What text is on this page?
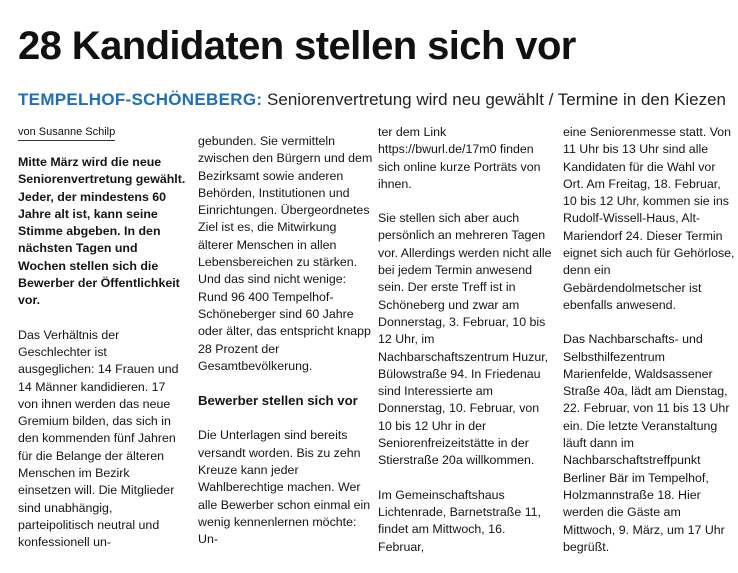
28 Kandidaten stellen sich vor
TEMPELHOF-SCHÖNEBERG: Seniorenvertretung wird neu gewählt / Termine in den Kiezen
von Susanne Schilp

Mitte März wird die neue Seniorenvertretung gewählt. Jeder, der mindestens 60 Jahre alt ist, kann seine Stimme abgeben. In den nächsten Tagen und Wochen stellen sich die Bewerber der Öffentlichkeit vor.

Das Verhältnis der Geschlechter ist ausgeglichen: 14 Frauen und 14 Männer kandidieren. 17 von ihnen werden das neue Gremium bilden, das sich in den kommenden fünf Jahren für die Belange der älteren Menschen im Bezirk einsetzen will. Die Mitglieder sind unabhängig, parteipolitisch neutral und konfessionell un-

gebunden. Sie vermitteln zwischen den Bürgern und dem Bezirksamt sowie anderen Behörden, Institutionen und Einrichtungen. Übergeordnetes Ziel ist es, die Mitwirkung älterer Menschen in allen Lebensbereichen zu stärken. Und das sind nicht wenige: Rund 96 400 Tempelhof-Schöneberger sind 60 Jahre oder älter, das entspricht knapp 28 Prozent der Gesamtbevölkerung.

Bewerber stellen sich vor

Die Unterlagen sind bereits versandt worden. Bis zu zehn Kreuze kann jeder Wahlberechtige machen. Wer alle Bewerber schon einmal ein wenig kennenlernen möchte: Un-

ter dem Link https://bwurl.de/17m0 finden sich online kurze Porträts von ihnen.

Sie stellen sich aber auch persönlich an mehreren Tagen vor. Allerdings werden nicht alle bei jedem Termin anwesend sein. Der erste Treff ist in Schöneberg und zwar am Donnerstag, 3. Februar, 10 bis 12 Uhr, im Nachbarschaftszentrum Huzur, Bülowstraße 94. In Friedenau sind Interessierte am Donnerstag, 10. Februar, von 10 bis 12 Uhr in der Seniorenfreizeitstätte in der Stierstraße 20a willkommen.

Im Gemeinschaftshaus Lichtenrade, Barnetstraße 11, findet am Mittwoch, 16. Februar,

eine Seniorenmesse statt. Von 11 Uhr bis 13 Uhr sind alle Kandidaten für die Wahl vor Ort. Am Freitag, 18. Februar, 10 bis 12 Uhr, kommen sie ins Rudolf-Wissell-Haus, Alt-Mariendorf 24. Dieser Termin eignet sich auch für Gehörlose, denn ein Gebärdendolmetscher ist ebenfalls anwesend.

Das Nachbarschafts- und Selbsthilfezentrum Marienfelde, Waldsassener Straße 40a, lädt am Dienstag, 22. Februar, von 11 bis 13 Uhr ein. Die letzte Veranstaltung läuft dann im Nachbarschaftstreffpunkt Berliner Bär im Tempelhof, Holzmannstraße 18. Hier werden die Gäste am Mittwoch, 9. März, um 17 Uhr begrüßt.
